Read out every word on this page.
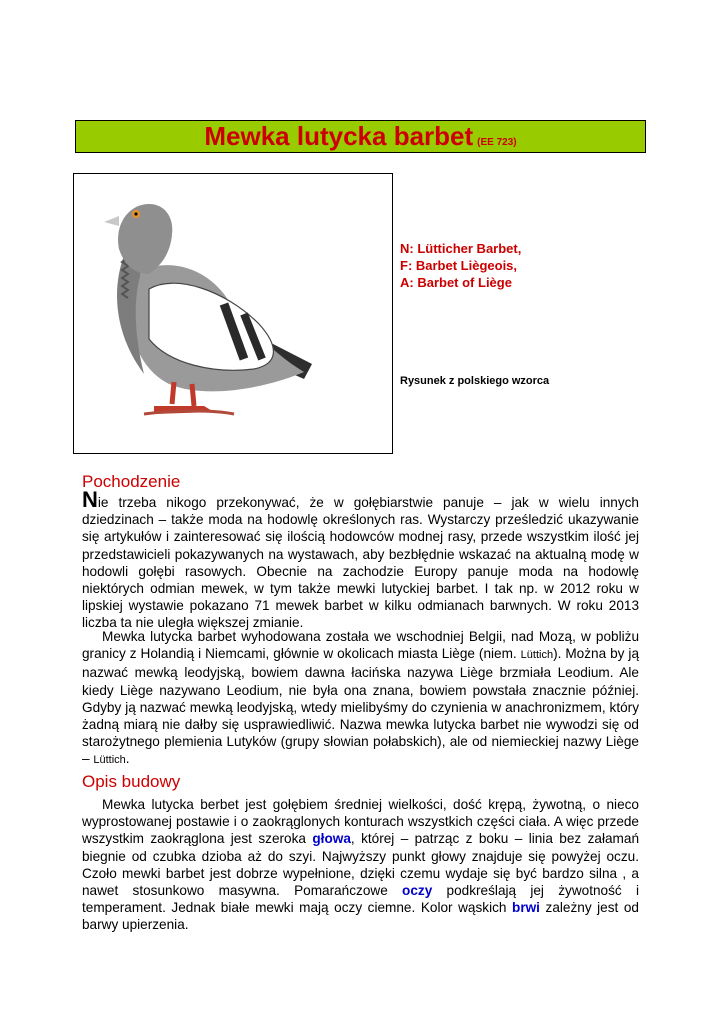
Mewka lutycka barbet (EE 723)
N: Lütticher Barbet,
F: Barbet Liègeois,
A: Barbet of Liège
Rysunek z polskiego wzorca
Pochodzenie

Nie trzeba nikogo przekonywać, że w gołębiarstwie panuje – jak w wielu innych dziedzinach – także moda na hodowlę określonych ras. Wystarczy prześledzić ukazywanie się artykułów i zainteresować się ilością hodowców modnej rasy, przede wszystkim ilość jej przedstawicieli pokazywanych na wystawach, aby bezbłędnie wskazać na aktualną modę w hodowli gołębi rasowych. Obecnie na zachodzie Europy panuje moda na hodowlę niektórych odmian mewek, w tym także mewki lutyckiej barbet. I tak np. w 2012 roku w lipskiej wystawie pokazano 71 mewek barbet w kilku odmianach barwnych. W roku 2013 liczba ta nie uległa większej zmianie.

Mewka lutycka barbet wyhodowana została we wschodniej Belgii, nad Mozą, w pobliżu granicy z Holandią i Niemcami, głównie w okolicach miasta Liège (niem. Lüttich). Można by ją nazwać mewką leodyjską, bowiem dawna łacińska nazywa Liège brzmiała Leodium. Ale kiedy Liège nazywano Leodium, nie była ona znana, bowiem powstała znacznie później. Gdyby ją nazwać mewką leodyjską, wtedy mielibyśmy do czynienia w anachronizmem, który żadną miarą nie dałby się usprawiedliwić. Nazwa mewka lutycka barbet nie wywodzi się od starożytnego plemienia Lutyków (grupy słowian połabskich), ale od niemieckiej nazwy Liège – Lüttich.

Opis budowy

Mewka lutycka berbet jest gołębiem średniej wielkości, dość krępą, żywotną, o nieco wyprostowanej postawie i o zaokrąglonych konturach wszystkich części ciała. A więc przede wszystkim zaokrąglona jest szeroka głowa, której – patrząc z boku – linia bez załamań biegnie od czubka dzioba aż do szyi. Najwyższy punkt głowy znajduje się powyżej oczu. Czoło mewki barbet jest dobrze wypełnione, dzięki czemu wydaje się być bardzo silna , a nawet stosunkowo masywna. Pomarańczowe oczy podkreślają jej żywotność i temperament. Jednak białe mewki mają oczy ciemne. Kolor wąskich brwi zależny jest od barwy upierzenia.
